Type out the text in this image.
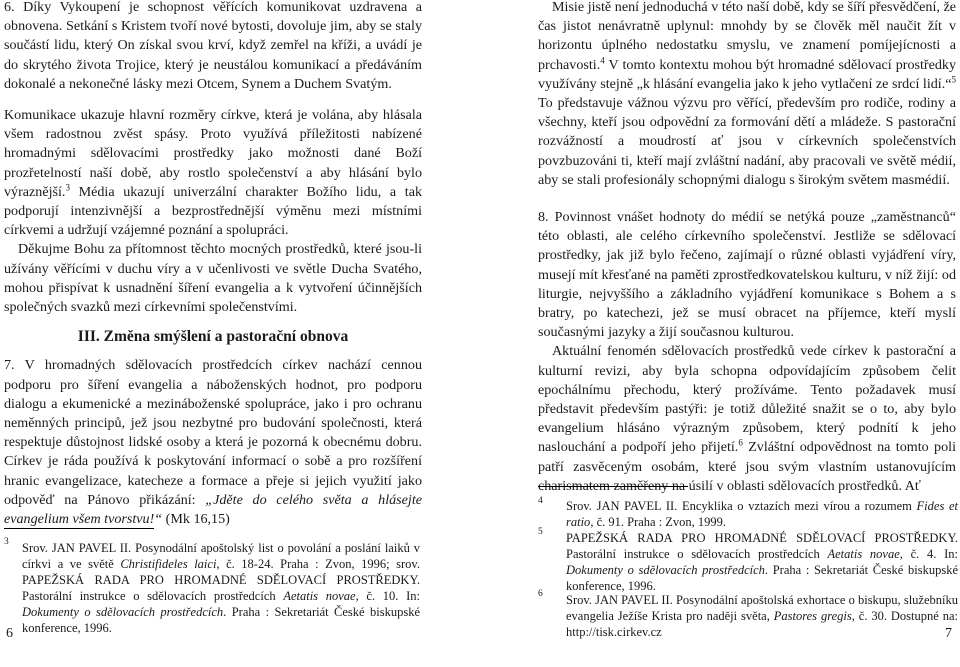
6. Díky Vykoupení je schopnost věřících komunikovat uzdravena a obnovena. Setkání s Kristem tvoří nové bytosti, dovoluje jim, aby se staly součástí lidu, který On získal svou krví, když zemřel na kříži, a uvádí je do skrytého života Trojice, který je neustálou komunikací a předáváním dokonalé a nekonečné lásky mezi Otcem, Synem a Duchem Svatým.

Komunikace ukazuje hlavní rozměry církve, která je volána, aby hlásala všem radostnou zvěst spásy. Proto využívá příležitosti nabízené hromadnými sdělovacími prostředky jako možnosti dané Boží prozřetelností naší době, aby rostlo společenství a aby hlásání bylo výraznější.$^3$ Média ukazují univerzální charakter Božího lidu, a tak podporují intenzivnější a bezprostřednější výměnu mezi místními církvemi a udržují vzájemné poznání a spolupráci.

Děkujme Bohu za přítomnost těchto mocných prostředků, které jsou-li užívány věřícími v duchu víry a v učenlivosti ve světle Ducha Svatého, mohou přispívat k usnadnění šíření evangelia a k vytvoření účinnějších společných svazků mezi církevními společenstvími.

III. Změna smýšlení a pastorační obnova

7. V hromadných sdělovacích prostředcích církev nachází cennou podporu pro šíření evangelia a náboženských hodnot, pro podporu dialogu a ekumenické a mezináboženské spolupráce, jako i pro ochranu neměnných principů, jež jsou nezbytné pro budování společnosti, která respektuje důstojnost lidské osoby a která je pozorná k obecnému dobru. Církev je ráda používá k poskytování informací o sobě a pro rozšíření hranic evangelizace, katecheze a formace a přeje si jejich využití jako odpověď na Pánovo přikázání: „Jděte do celého světa a hlásejte evangelium všem tvorstvu!“ (Mk 16,15)

3 Srov. JAN PAVEL II. Posynodální apoštolský list o povolání a poslání laiků v církvi a ve světě Christifideles laici, č. 18-24. Praha : Zvon, 1996; srov. PAPEŽSKÁ RADA PRO HROMADNÉ SDĚLOVACÍ PROSTŘEDKY. Pastorální instrukce o sdělovacích prostředcích Aetatis novae, č. 10. In: Dokumenty o sdělovacích prostředcích. Praha : Sekretariát České biskupské konference, 1996.

Misie jistě není jednoduchá v této naší době, kdy se šíří přesvědčení, že čas jistot nenávratně uplynul: mnohdy by se člověk měl naučit žít v horizontu úplného nedostatku smyslu, ve znamení pomíjejícnosti a prchavosti.$^4$ V tomto kontextu mohou být hromadné sdělovací prostředky využívány stejně „k hlásání evangelia jako k jeho vytlačení ze srdcí lidí.“$^5$ To představuje vážnou výzvu pro věřící, především pro rodiče, rodiny a všechny, kteří jsou odpovědní za formování dětí a mládeže. S pastorační rozvážností a moudrostí ať jsou v církevních společenstvích povzbuzováni ti, kteří mají zvláštní nadání, aby pracovali ve světě médií, aby se stali profesionály schopnými dialogu s širokým světem masmédií.

8. Povinnost vnášet hodnoty do médií se netýká pouze „zaměstnanců“ této oblasti, ale celého církevního společenství. Jestliže se sdělovací prostředky, jak již bylo řečeno, zajímají o různé oblasti vyjádření víry, musejí mít křesťané na paměti zprostředkovatelskou kulturu, v níž žijí: od liturgie, nejvyššího a základního vyjádření komunikace s Bohem a s bratry, po katechezi, jež se musí obracet na příjemce, kteří myslí současnými jazyky a žijí současnou kulturou.

Aktuální fenomén sdělovacích prostředků vede církev k pastorační a kulturní revizi, aby byla schopna odpovídajícím způsobem čelit epochálnímu přechodu, který prožíváme. Tento požadavek musí představit především pastýři: je totiž důležité snažit se o to, aby bylo evangelium hlásáno výrazným způsobem, který podnítí k jeho naslouchání a podpoří jeho přijetí.$^6$ Zvláštní odpovědnost na tomto poli patří zasvěceným osobám, které jsou svým vlastním ustanovujícím charismatem zaměřeny na úsilí v oblasti sdělovacích prostředků. Ať

4 Srov. JAN PAVEL II. Encyklika o vztazích mezi vírou a rozumem Fides et ratio, č. 91. Praha : Zvon, 1999.
5 PAPEŽSKÁ RADA PRO HROMADNÉ SDĚLOVACÍ PROSTŘEDKY. Pastorální instrukce o sdělovacích prostředcích Aetatis novae, č. 4. In: Dokumenty o sdělovacích prostředcích. Praha : Sekretariát České biskupské konference, 1996.
6 Srov. JAN PAVEL II. Posynodální apoštolská exhortace o biskupu, služebníku evangelia Ježíše Krista pro naději světa, Pastores gregis, č. 30. Dostupné na: http://tisk.cirkev.cz
6	7
